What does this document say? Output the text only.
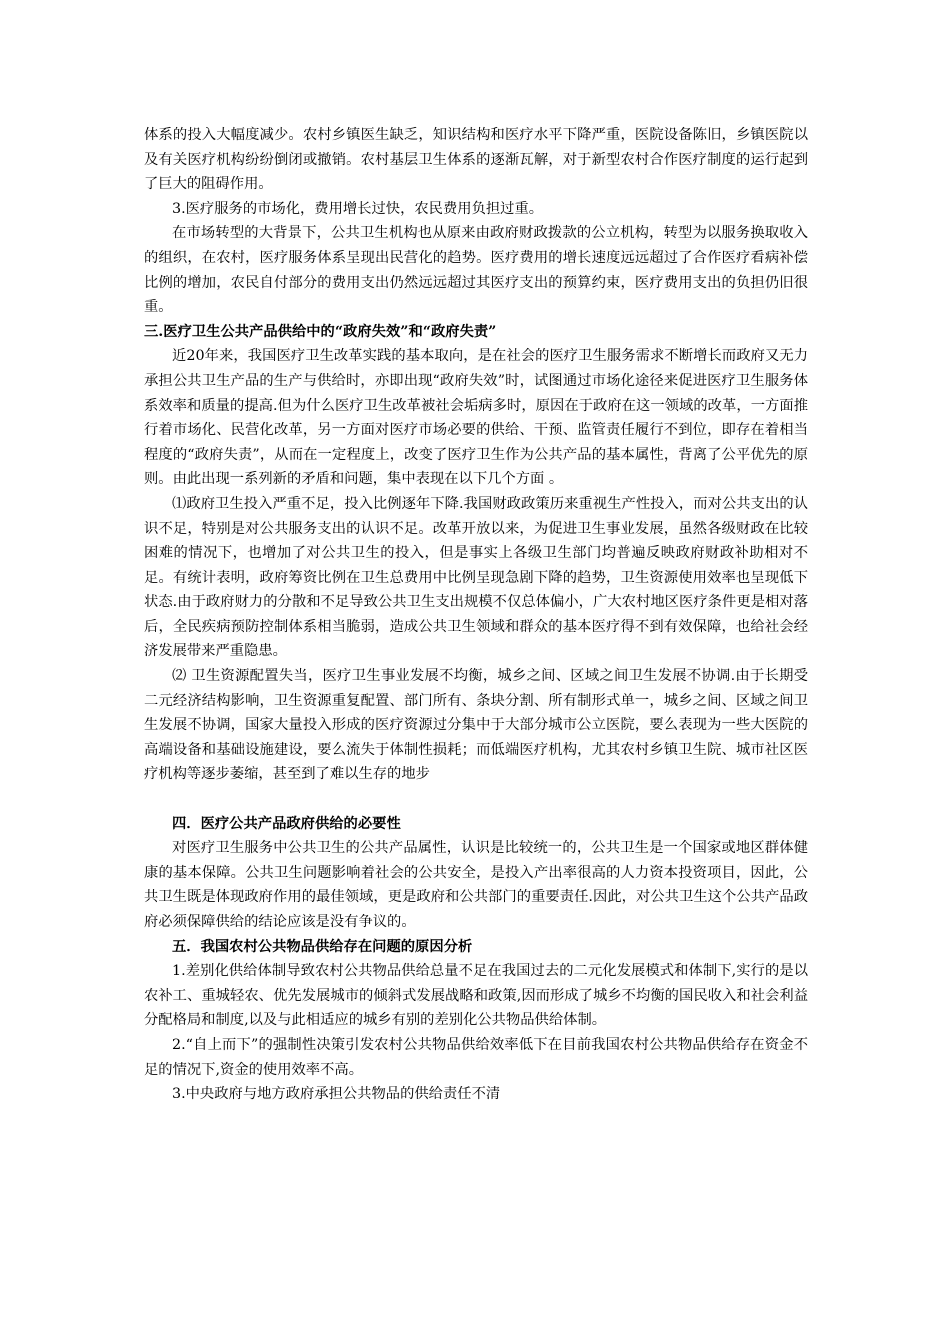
体系的投入大幅度减少。农村乡镇医生缺乏，知识结构和医疗水平下降严重，医院设备陈旧，乡镇医院以及有关医疗机构纷纷倒闭或撤销。农村基层卫生体系的逐渐瓦解，对于新型农村合作医疗制度的运行起到了巨大的阻碍作用。

3.医疗服务的市场化，费用增长过快，农民费用负担过重。

在市场转型的大背景下，公共卫生机构也从原来由政府财政拨款的公立机构，转型为以服务换取收入的组织，在农村，医疗服务体系呈现出民营化的趋势。医疗费用的增长速度远远超过了合作医疗看病补偿比例的增加，农民自付部分的费用支出仍然远远超过其医疗支出的预算约束，医疗费用支出的负担仍旧很重。

三.医疗卫生公共产品供给中的“政府失效”和“政府失责”

近20年来，我国医疗卫生改革实践的基本取向，是在社会的医疗卫生服务需求不断增长而政府又无力承担公共卫生产品的生产与供给时，亦即出现“政府失效”时，试图通过市场化途径来促进医疗卫生服务体系效率和质量的提高.但为什么医疗卫生改革被社会垢病多时，原因在于政府在这一领域的改革，一方面推行着市场化、民营化改革，另一方面对医疗市场必要的供给、干预、监管责任履行不到位，即存在着相当程度的“政府失责”，从而在一定程度上，改变了医疗卫生作为公共产品的基本属性，背离了公平优先的原则。由此出现一系列新的矛盾和问题，集中表现在以下几个方面 。

⑴政府卫生投入严重不足，投入比例逐年下降.我国财政政策历来重视生产性投入，而对公共支出的认识不足，特别是对公共服务支出的认识不足。改革开放以来，为促进卫生事业发展，虽然各级财政在比较困难的情况下，也增加了对公共卫生的投入，但是事实上各级卫生部门均普遍反映政府财政补助相对不足。有统计表明，政府筹资比例在卫生总费用中比例呈现急剧下降的趋势，卫生资源使用效率也呈现低下状态.由于政府财力的分散和不足导致公共卫生支出规模不仅总体偏小，广大农村地区医疗条件更是相对落后，全民疾病预防控制体系相当脆弱，造成公共卫生领域和群众的基本医疗得不到有效保障，也给社会经济发展带来严重隐患。

⑵ 卫生资源配置失当，医疗卫生事业发展不均衡，城乡之间、区域之间卫生发展不协调.由于长期受二元经济结构影响，卫生资源重复配置、部门所有、条块分割、所有制形式单一，城乡之间、区域之间卫生发展不协调，国家大量投入形成的医疗资源过分集中于大部分城市公立医院，要么表现为一些大医院的高端设备和基础设施建设，要么流失于体制性损耗；而低端医疗机构，尤其农村乡镇卫生院、城市社区医疗机构等逐步萎缩，甚至到了难以生存的地步

四．医疗公共产品政府供给的必要性

对医疗卫生服务中公共卫生的公共产品属性，认识是比较统一的，公共卫生是一个国家或地区群体健康的基本保障。公共卫生问题影响着社会的公共安全，是投入产出率很高的人力资本投资项目，因此，公共卫生既是体现政府作用的最佳领域，更是政府和公共部门的重要责任.因此，对公共卫生这个公共产品政府必须保障供给的结论应该是没有争议的。

五．我国农村公共物品供给存在问题的原因分析

1.差别化供给体制导致农村公共物品供给总量不足在我国过去的二元化发展模式和体制下,实行的是以农补工、重城轻农、优先发展城市的倾斜式发展战略和政策,因而形成了城乡不均衡的国民收入和社会利益分配格局和制度,以及与此相适应的城乡有别的差别化公共物品供给体制。

2.“自上而下”的强制性决策引发农村公共物品供给效率低下在目前我国农村公共物品供给存在资金不足的情况下,资金的使用效率不高。

3.中央政府与地方政府承担公共物品的供给责任不清
